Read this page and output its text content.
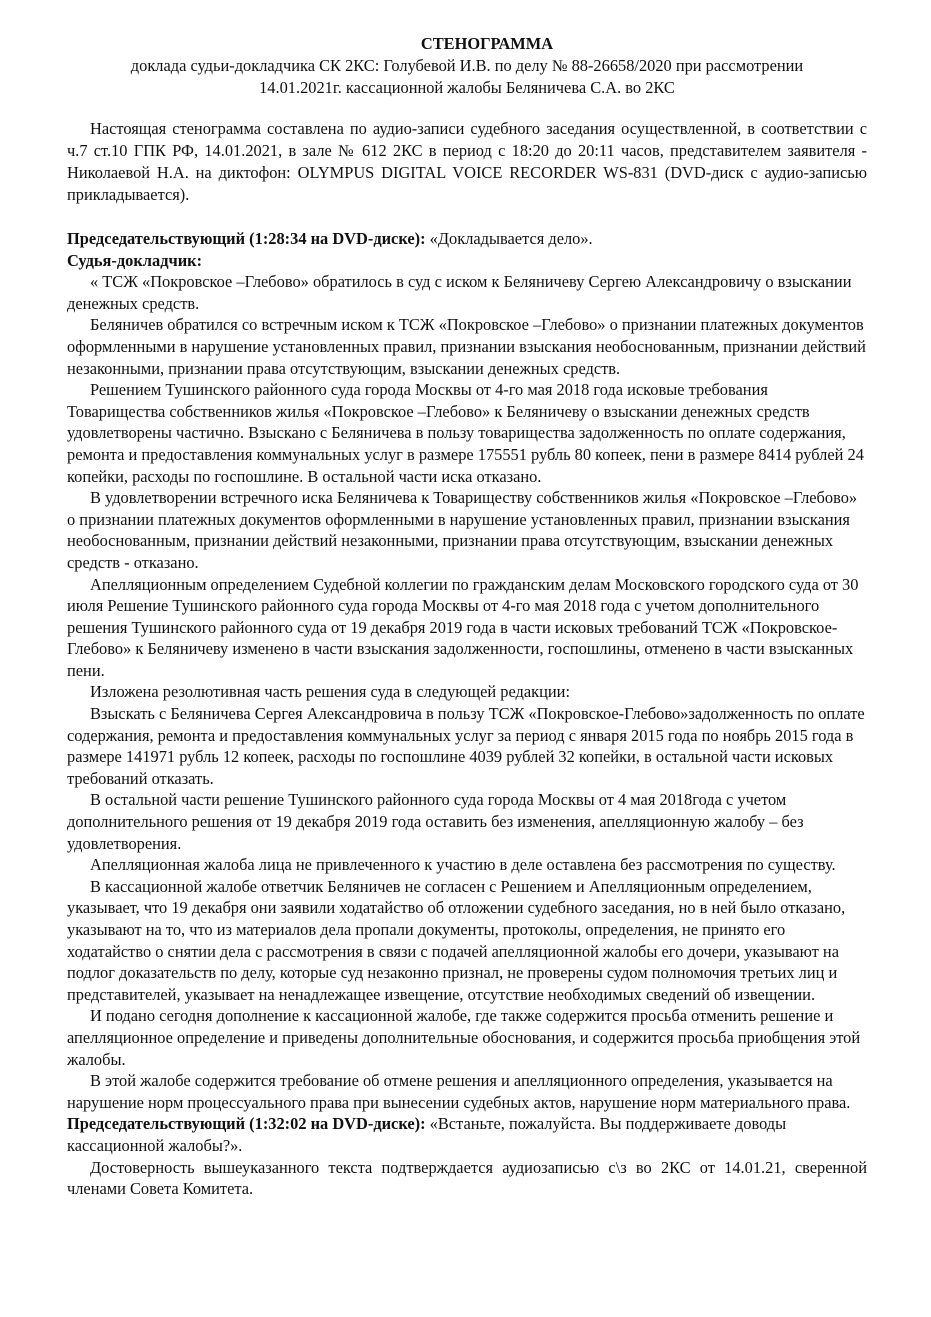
СТЕНОГРАММА
доклада судьи-докладчика СК 2КС: Голубевой И.В. по делу № 88-26658/2020 при рассмотрении
14.01.2021г. кассационной жалобы Беляничева С.А. во 2КС

Настоящая стенограмма составлена по аудио-записи судебного заседания осуществленной, в соответствии с ч.7 ст.10 ГПК РФ, 14.01.2021, в зале № 612 2КС в период с 18:20 до 20:11 часов, представителем заявителя - Николаевой Н.А. на диктофон: OLYMPUS DIGITAL VOICE RECORDER WS-831 (DVD-диск с аудио-записью прикладывается).

Председательствующий (1:28:34 на DVD-диске): «Докладывается дело».

Судья-докладчик:

« ТСЖ «Покровское –Глебово» обратилось в суд с иском к Беляничеву Сергею Александровичу о взыскании денежных средств.

Беляничев обратился со встречным иском к ТСЖ «Покровское –Глебово» о признании платежных документов оформленными в нарушение установленных правил, признании взыскания необоснованным, признании действий незаконными, признании права отсутствующим, взыскании денежных средств.

Решением Тушинского районного суда города Москвы от 4-го мая 2018 года исковые требования Товарищества собственников жилья «Покровское –Глебово» к Беляничеву о взыскании денежных средств удовлетворены частично. Взыскано с Беляничева в пользу товарищества задолженность по оплате содержания, ремонта и предоставления коммунальных услуг в размере 175551 рубль 80 копеек, пени в размере 8414 рублей 24 копейки, расходы по госпошлине. В остальной части иска отказано.

В удовлетворении встречного иска Беляничева к Товариществу собственников жилья «Покровское –Глебово» о признании платежных документов оформленными в нарушение установленных правил, признании взыскания необоснованным, признании действий незаконными, признании права отсутствующим, взыскании денежных средств - отказано.

Апелляционным определением Судебной коллегии по гражданским делам Московского городского суда от 30 июля Решение Тушинского районного суда города Москвы от 4-го мая 2018 года с учетом дополнительного решения Тушинского районного суда от 19 декабря 2019 года в части исковых требований ТСЖ «Покровское-Глебово» к Беляничеву изменено в части взыскания задолженности, госпошлины, отменено в части взысканных пени.

Изложена резолютивная часть решения суда в следующей редакции:

Взыскать с Беляничева Сергея Александровича в пользу ТСЖ «Покровское-Глебово»задолженность по оплате содержания, ремонта и предоставления коммунальных услуг за период с января 2015 года по ноябрь 2015 года в размере 141971 рубль 12 копеек, расходы по госпошлине 4039 рублей 32 копейки, в остальной части исковых требований отказать.

В остальной части решение Тушинского районного суда города Москвы от 4 мая 2018года с учетом дополнительного решения от 19 декабря 2019 года оставить без изменения, апелляционную жалобу – без удовлетворения.

Апелляционная жалоба лица не привлеченного к участию в деле оставлена без рассмотрения по существу.

В кассационной жалобе ответчик Беляничев не согласен с Решением и Апелляционным определением, указывает, что 19 декабря они заявили ходатайство об отложении судебного заседания, но в ней было отказано, указывают на то, что из материалов дела пропали документы, протоколы, определения, не принято его ходатайство о снятии дела с рассмотрения в связи с подачей апелляционной жалобы его дочери, указывают на подлог доказательств по делу, которые суд незаконно признал, не проверены судом полномочия третьих лиц и представителей, указывает на ненадлежащее извещение, отсутствие необходимых сведений об извещении.

И подано сегодня дополнение к кассационной жалобе, где также содержится просьба отменить решение и апелляционное определение и приведены дополнительные обоснования, и содержится просьба приобщения этой жалобы.

В этой жалобе содержится требование об отмене решения и апелляционного определения, указывается на нарушение норм процессуального права при вынесении судебных актов, нарушение норм материального права.

Председательствующий (1:32:02 на DVD-диске): «Встаньте, пожалуйста. Вы поддерживаете доводы кассационной жалобы?».

Достоверность вышеуказанного текста подтверждается аудиозаписью с\з во 2КС от 14.01.21, сверенной членами Совета Комитета.
